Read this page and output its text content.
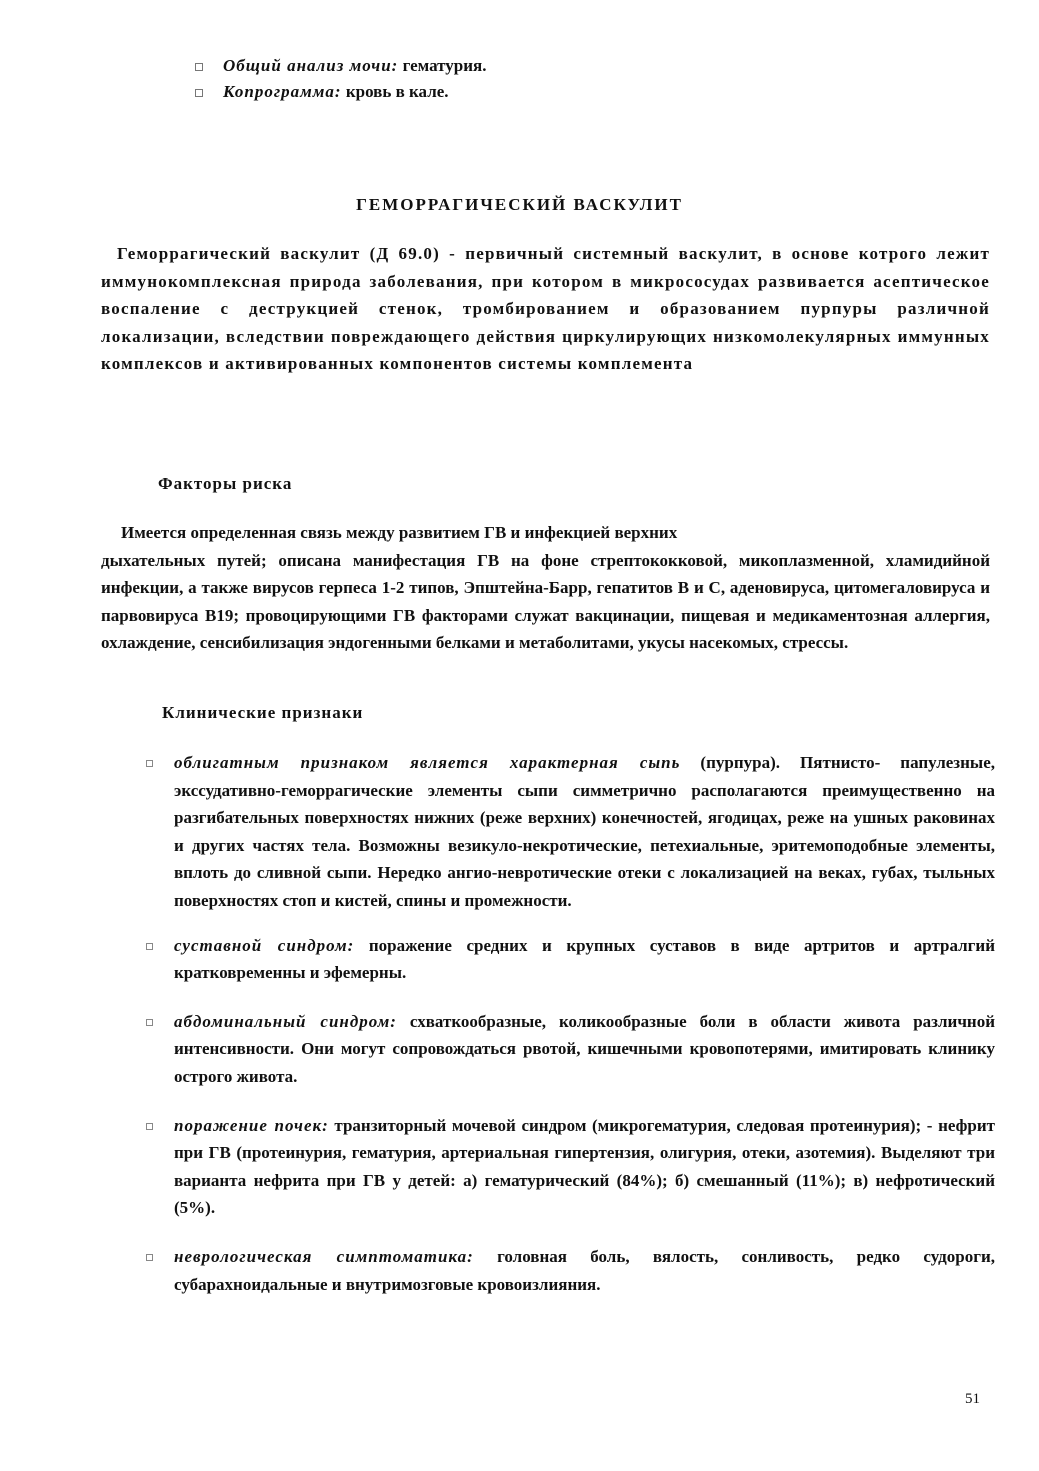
Общий анализ мочи: гематурия.
Копрограмма: кровь в кале.
ГЕМОРРАГИЧЕСКИЙ ВАСКУЛИТ
Геморрагический васкулит (Д 69.0) - первичный системный васкулит, в основе котрого лежит иммунокомплексная природа заболевания, при котором в микрососудах развивается асептическое воспаление с деструкцией стенок, тромбированием и образованием пурпуры различной локализации, вследствии повреждающего действия циркулирующих низкомолекулярных иммунных комплексов и активированных компонентов системы комплемента
Факторы риска
Имеется определенная связь между развитием ГВ и инфекцией верхних
дыхательных путей; описана манифестация ГВ на фоне стрептококковой, микоплазменной, хламидийной инфекции, а также вирусов герпеса 1-2 типов, Эпштейна-Барр, гепатитов В и С, аденовируса, цитомегаловируса и парвовируса В19; провоцирующими ГВ факторами служат вакцинации, пищевая и медикаментозная аллергия, охлаждение, сенсибилизация эндогенными белками и метаболитами, укусы насекомых, стрессы.
Клинические признаки
облигатным признаком является характерная сыпь (пурпура). Пятнисто- папулезные, экссудативно-геморрагические элементы сыпи симметрично располагаются преимущественно на разгибательных поверхностях нижних (реже верхних) конечностей, ягодицах, реже на ушных раковинах и других частях тела. Возможны везикуло-некротические, петехиальные, эритемоподобные элементы, вплоть до сливной сыпи. Нередко ангио-невротические отеки с локализацией на веках, губах, тыльных поверхностях стоп и кистей, спины и промежности.
суставной синдром: поражение средних и крупных суставов в виде артритов и артралгий кратковременны и эфемерны.
абдоминальный синдром: схваткообразные, коликообразные боли в области живота различной интенсивности. Они могут сопровождаться рвотой, кишечными кровопотерями, имитировать клинику острого живота.
поражение почек: транзиторный мочевой синдром (микрогематурия, следовая протеинурия); - нефрит при ГВ (протеинурия, гематурия, артериальная гипертензия, олигурия, отеки, азотемия). Выделяют три варианта нефрита при ГВ у детей: а) гематурический (84%); б) смешанный (11%); в) нефротический (5%).
неврологическая симптоматика: головная боль, вялость, сонливость, редко судороги, субарахноидальные и внутримозговые кровоизлияния.
51
